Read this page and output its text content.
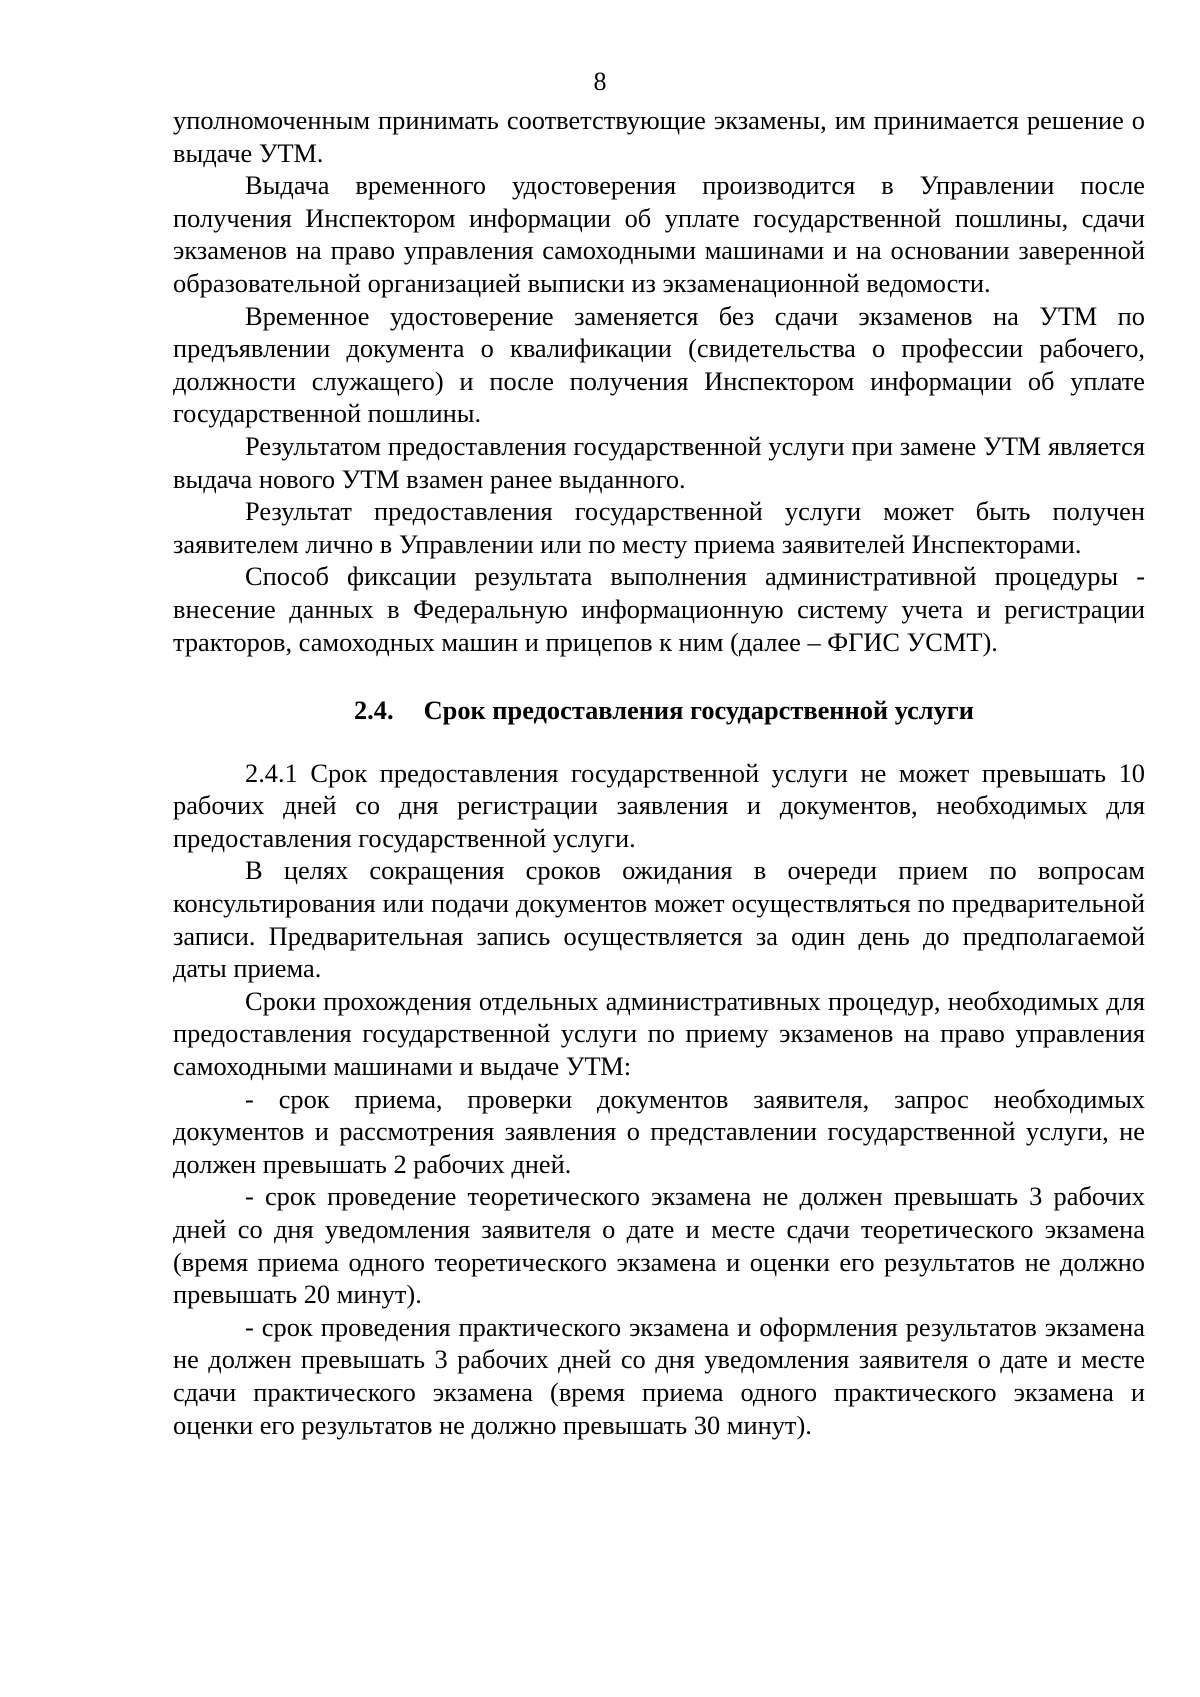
8

уполномоченным принимать соответствующие экзамены, им принимается решение о выдаче УТМ.

Выдача временного удостоверения производится в Управлении после получения Инспектором информации об уплате государственной пошлины, сдачи экзаменов на право управления самоходными машинами и на основании заверенной образовательной организацией выписки из экзаменационной ведомости.

Временное удостоверение заменяется без сдачи экзаменов на УТМ по предъявлении документа о квалификации (свидетельства о профессии рабочего, должности служащего) и после получения Инспектором информации об уплате государственной пошлины.

Результатом предоставления государственной услуги при замене УТМ является выдача нового УТМ взамен ранее выданного.

Результат предоставления государственной услуги может быть получен заявителем лично в Управлении или по месту приема заявителей Инспекторами.

Способ фиксации результата выполнения административной процедуры - внесение данных в Федеральную информационную систему учета и регистрации тракторов, самоходных машин и прицепов к ним (далее – ФГИС УСМТ).

2.4. Срок предоставления государственной услуги

2.4.1 Срок предоставления государственной услуги не может превышать 10 рабочих дней со дня регистрации заявления и документов, необходимых для предоставления государственной услуги.

В целях сокращения сроков ожидания в очереди прием по вопросам консультирования или подачи документов может осуществляться по предварительной записи. Предварительная запись осуществляется за один день до предполагаемой даты приема.

Сроки прохождения отдельных административных процедур, необходимых для предоставления государственной услуги по приему экзаменов на право управления самоходными машинами и выдаче УТМ:

- срок приема, проверки документов заявителя, запрос необходимых документов и рассмотрения заявления о представлении государственной услуги, не должен превышать 2 рабочих дней.

- срок проведение теоретического экзамена не должен превышать 3 рабочих дней со дня уведомления заявителя о дате и месте сдачи теоретического экзамена (время приема одного теоретического экзамена и оценки его результатов не должно превышать 20 минут).

- срок проведения практического экзамена и оформления результатов экзамена не должен превышать 3 рабочих дней со дня уведомления заявителя о дате и месте сдачи практического экзамена (время приема одного практического экзамена и оценки его результатов не должно превышать 30 минут).
